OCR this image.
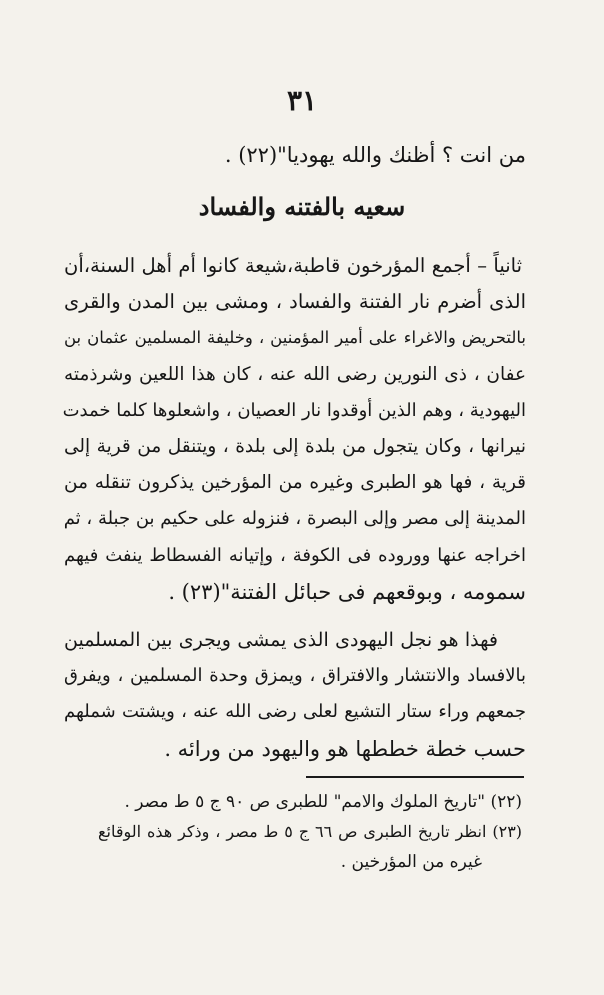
٣١
من انت ؟ أظنك والله يهوديا"(٢٢) .
سعيه بالفتنه والفساد
ثانياً – أجمع المؤرخون قاطبة،شيعة كانوا أم أهل السنة،أن
الذى أضرم نار الفتنة والفساد ، ومشى بين المدن والقرى
بالتحريض والاغراء على أمير المؤمنين ، وخليفة المسلمين عثمان بن
عفان ، ذى النورين رضى الله عنه ، كان هذا اللعين وشرذمته
اليهودية ، وهم الذين أوقدوا نار العصيان ، واشعلوها كلما خمدت
نيرانها ، وكان يتجول من بلدة إلى بلدة ، ويتنقل من قرية إلى
قرية ، فها هو الطبرى وغيره من المؤرخين يذكرون تنقله من
المدينة إلى مصر وإلى البصرة ، فنزوله على حكيم بن جبلة ، ثم
اخراجه عنها ووروده فى الكوفة ، وإتيانه الفسطاط ينفث فيهم
سمومه ، وبوقعهم فى حبائل الفتنة"(٢٣) .
فهذا هو نجل اليهودى الذى يمشى ويجرى بين المسلمين
بالافساد والانتشار والافتراق ، ويمزق وحدة المسلمين ، ويفرق
جمعهم وراء ستار التشيع لعلى رضى الله عنه ، ويشتت شملهم
حسب خطة خططها هو واليهود من ورائه .
(٢٢) "تاريخ الملوك والامم" للطبرى ص ٩٠ ج ٥ ط مصر .
(٢٣) انظر تاريخ الطبرى ص ٦٦ ج ٥ ط مصر ، وذكر هذه الوقائع
غيره من المؤرخين .
